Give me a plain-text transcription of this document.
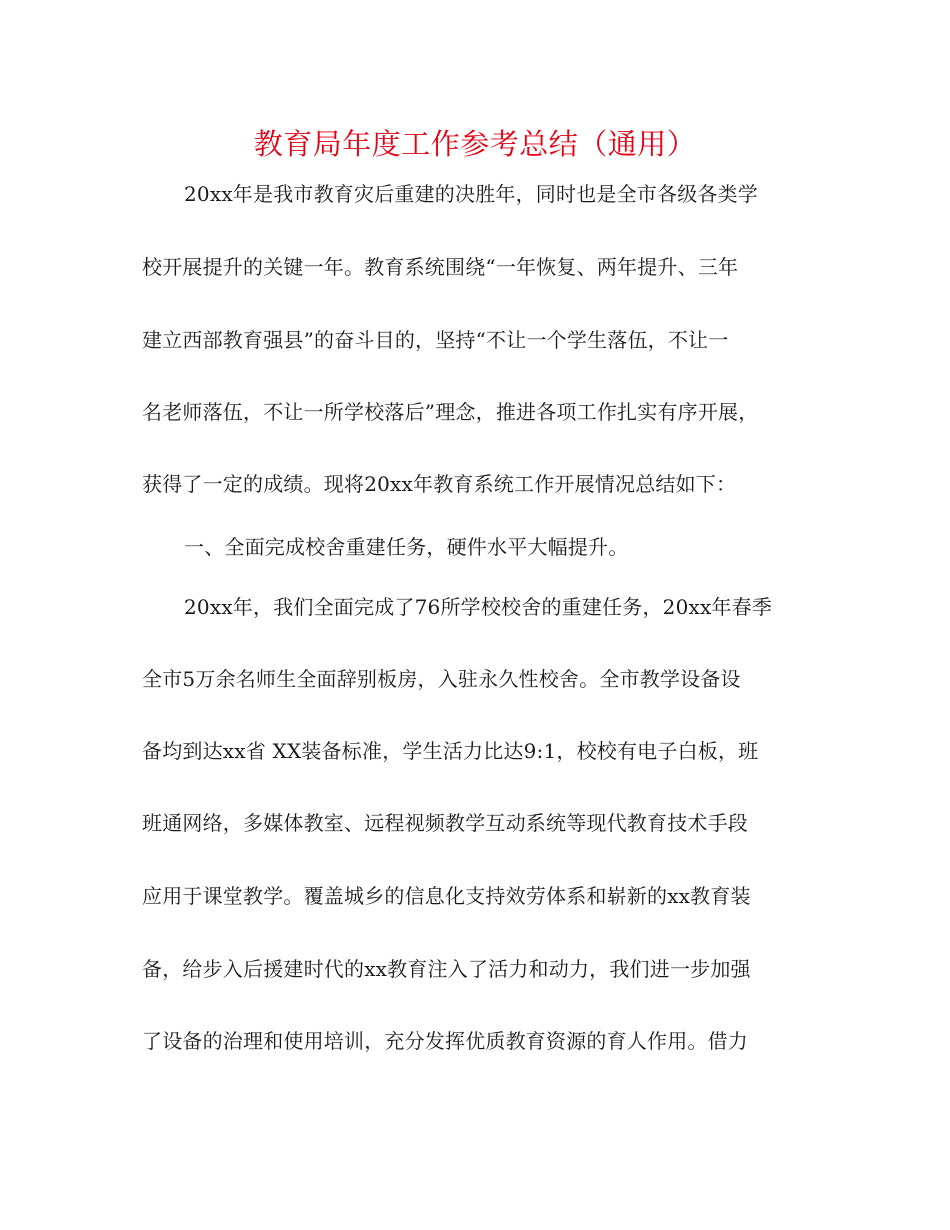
教育局年度工作参考总结（通用）
20xx年是我市教育灾后重建的决胜年，同时也是全市各级各类学
校开展提升的关键一年。教育系统围绕“一年恢复、两年提升、三年
建立西部教育强县”的奋斗目的，坚持“不让一个学生落伍，不让一
名老师落伍，不让一所学校落后”理念，推进各项工作扎实有序开展，
获得了一定的成绩。现将20xx年教育系统工作开展情况总结如下：
一、全面完成校舍重建任务，硬件水平大幅提升。
20xx年，我们全面完成了76所学校校舍的重建任务，20xx年春季
全市5万余名师生全面辞别板房，入驻永久性校舍。全市教学设备设
备均到达xx省 XX装备标准，学生活力比达9:1，校校有电子白板，班
班通网络，多媒体教室、远程视频教学互动系统等现代教育技术手段
应用于课堂教学。覆盖城乡的信息化支持效劳体系和崭新的xx教育装
备，给步入后援建时代的xx教育注入了活力和动力，我们进一步加强
了设备的治理和使用培训，充分发挥优质教育资源的育人作用。借力
